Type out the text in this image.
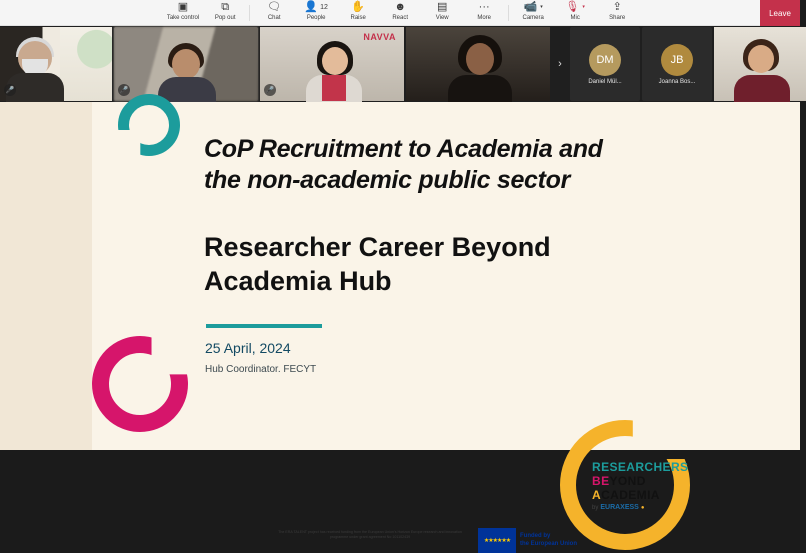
▣
Take control
⧉
Pop out
🗨
Chat
👤 12
People
✋
Raise
☻
React
▤
View
···
More
📹 ▾
Camera
🎙 ▾
Mic
⇪
Share	Leave
🎤	🎤
NAVVA
🎤
›	DM
Daniel Mül...
JB
Joanna Bos...
CoP Recruitment to Academia and
the non-academic public sector
Researcher Career Beyond
Academia Hub
25 April, 2024
Hub Coordinator. FECYT
RESEARCHERS
BEYOND
ACADEMIA
by EURAXESS ●
The ERA TALENT project has received funding from the European Union's Horizon Europe research and innovation programme under grant agreement No 101102439
★★★★★★
Funded by
the European Union
